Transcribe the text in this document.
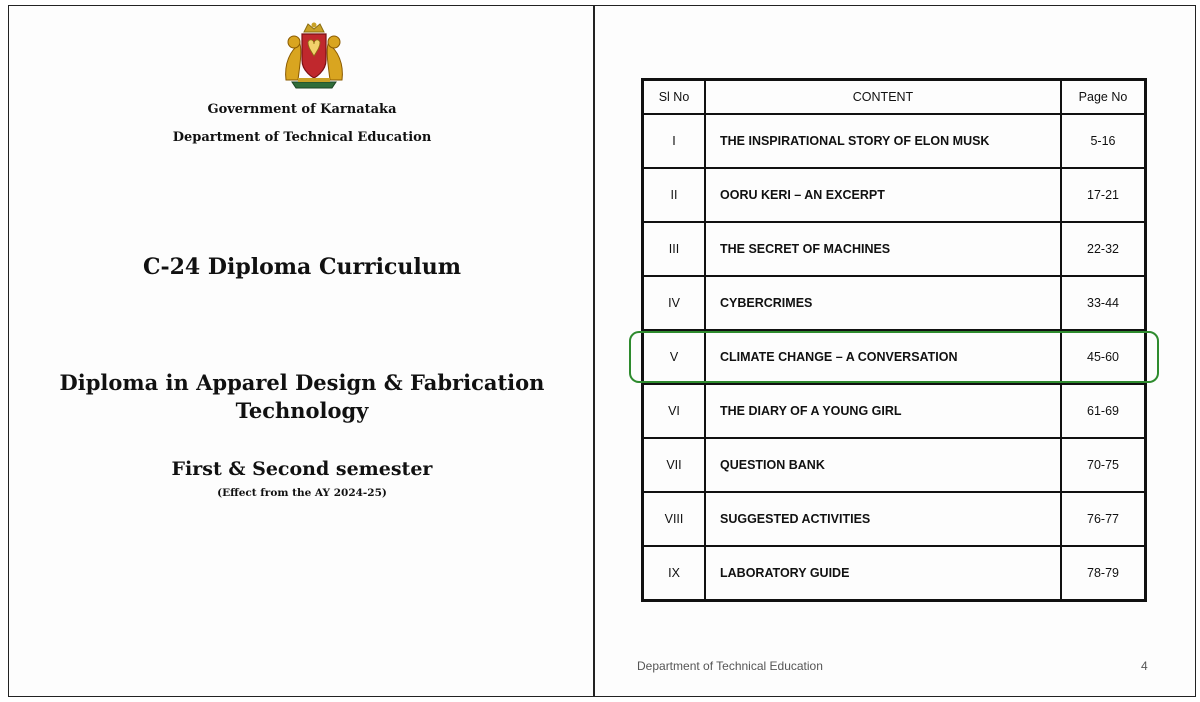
Government of Karnataka
Department of Technical Education
C-24 Diploma Curriculum
Diploma in Apparel Design & Fabrication
Technology
First & Second semester
(Effect from the AY 2024-25)
Sl No	CONTENT	Page No
I	THE INSPIRATIONAL STORY OF ELON MUSK	5-16
II	OORU KERI – AN EXCERPT	17-21
III	THE SECRET OF MACHINES	22-32
IV	CYBERCRIMES	33-44
V	CLIMATE CHANGE – A CONVERSATION	45-60
VI	THE DIARY OF A YOUNG GIRL	61-69
VII	QUESTION BANK	70-75
VIII	SUGGESTED ACTIVITIES	76-77
IX	LABORATORY GUIDE	78-79
Department of Technical Education	4
